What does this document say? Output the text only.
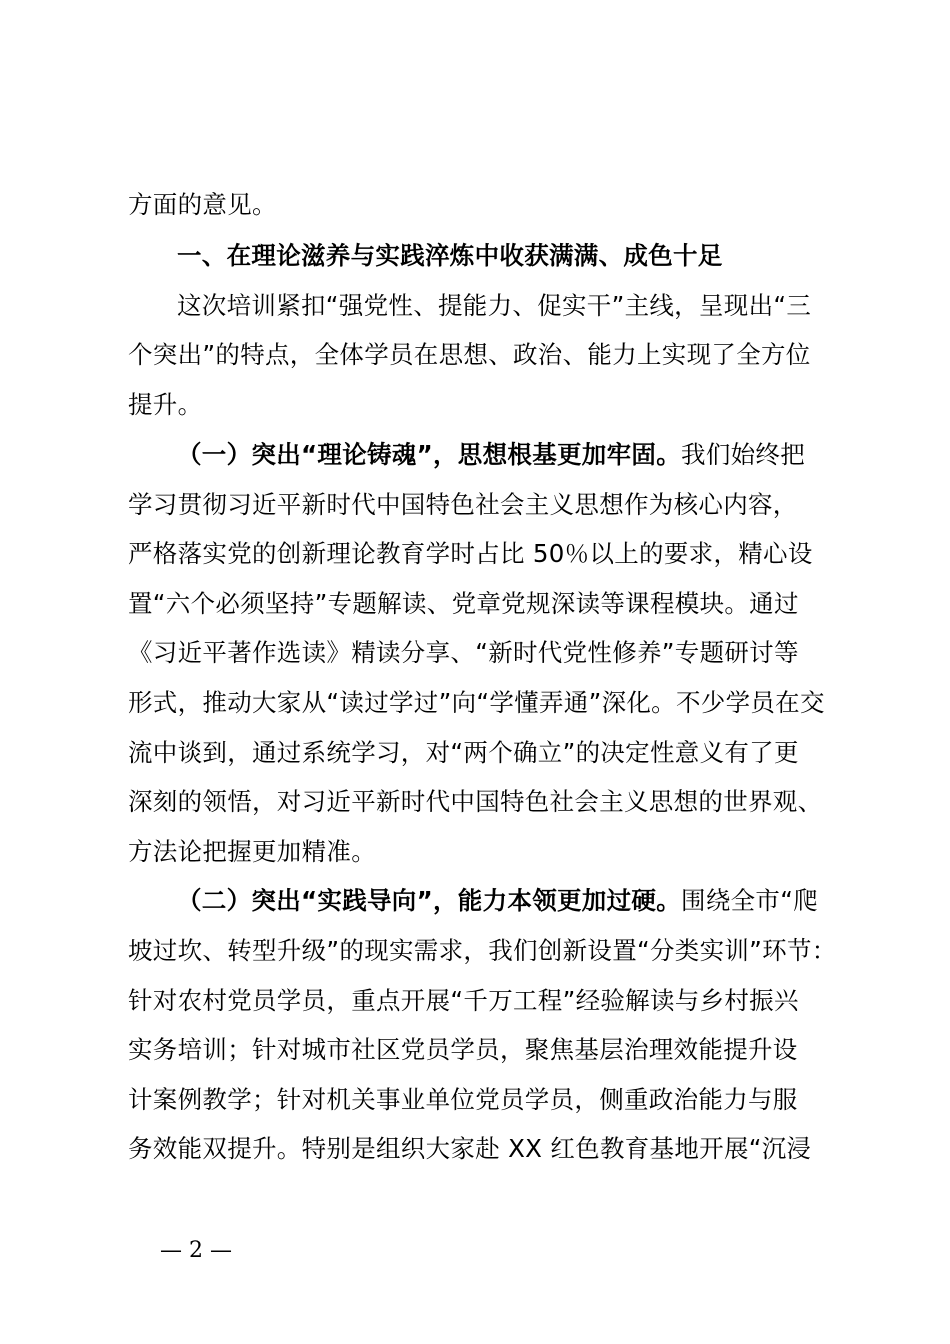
方面的意见。
一、在理论滋养与实践淬炼中收获满满、成色十足
这次培训紧扣“强党性、提能力、促实干”主线，呈现出“三
个突出”的特点，全体学员在思想、政治、能力上实现了全方位
提升。
（一）突出“理论铸魂”，思想根基更加牢固。我们始终把
学习贯彻习近平新时代中国特色社会主义思想作为核心内容，
严格落实党的创新理论教育学时占比 50％以上的要求，精心设
置“六个必须坚持”专题解读、党章党规深读等课程模块。通过
《习近平著作选读》精读分享、“新时代党性修养”专题研讨等
形式，推动大家从“读过学过”向“学懂弄通”深化。不少学员在交
流中谈到，通过系统学习，对“两个确立”的决定性意义有了更
深刻的领悟，对习近平新时代中国特色社会主义思想的世界观、
方法论把握更加精准。
（二）突出“实践导向”，能力本领更加过硬。围绕全市“爬
坡过坎、转型升级”的现实需求，我们创新设置“分类实训”环节：
针对农村党员学员，重点开展“千万工程”经验解读与乡村振兴
实务培训；针对城市社区党员学员，聚焦基层治理效能提升设
计案例教学；针对机关事业单位党员学员，侧重政治能力与服
务效能双提升。特别是组织大家赴 XX 红色教育基地开展“沉浸
— 2 —
